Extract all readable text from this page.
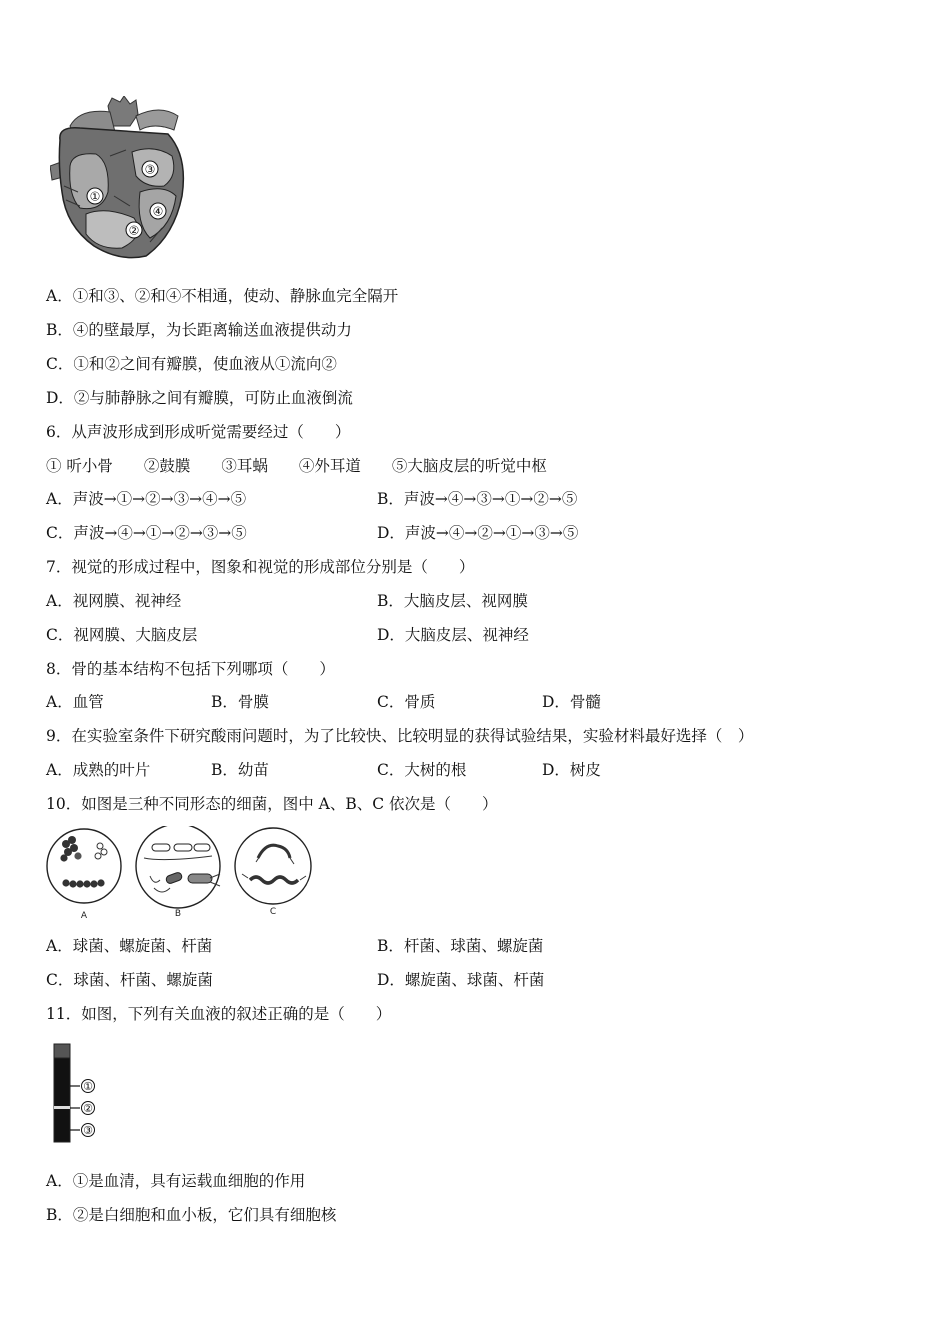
①
②
③
④
A．①和③、②和④不相通，使动、静脉血完全隔开
B．④的壁最厚，为长距离输送血液提供动力
C．①和②之间有瓣膜，使血液从①流向②
D．②与肺静脉之间有瓣膜，可防止血液倒流
6．从声波形成到形成听觉需要经过（　　）
① 听小骨　　②鼓膜　　③耳蜗　　④外耳道　　⑤大脑皮层的听觉中枢
A．声波→①→②→③→④→⑤	B．声波→④→③→①→②→⑤
C．声波→④→①→②→③→⑤	D．声波→④→②→①→③→⑤
7．视觉的形成过程中，图象和视觉的形成部位分别是（　　）
A．视网膜、视神经	B．大脑皮层、视网膜
C．视网膜、大脑皮层	D．大脑皮层、视神经
8．骨的基本结构不包括下列哪项（　　）
A．血管	B．骨膜	C．骨质	D．骨髓
9．在实验室条件下研究酸雨问题时，为了比较快、比较明显的获得试验结果，实验材料最好选择（　）
A．成熟的叶片	B．幼苗	C．大树的根	D．树皮
10．如图是三种不同形态的细菌，图中 A、B、C 依次是（　　）
A	B	C
A．球菌、螺旋菌、杆菌	B．杆菌、球菌、螺旋菌
C．球菌、杆菌、螺旋菌	D．螺旋菌、球菌、杆菌
11．如图，下列有关血液的叙述正确的是（　　）
①
②
③
A．①是血清，具有运载血细胞的作用
B．②是白细胞和血小板，它们具有细胞核
